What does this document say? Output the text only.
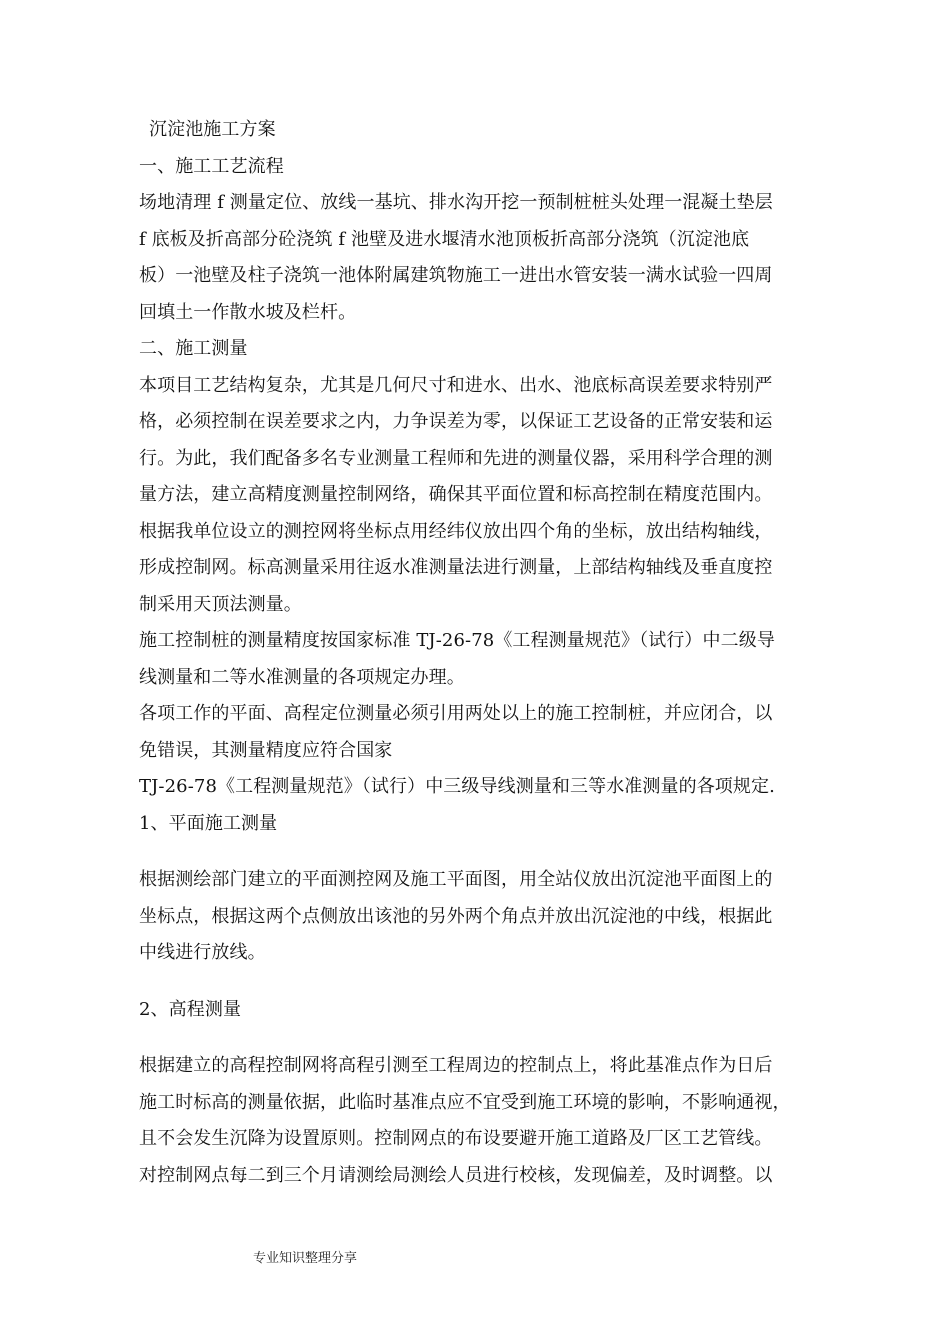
沉淀池施工方案
一、施工工艺流程
场地清理 f 测量定位、放线一基坑、排水沟开挖一预制桩桩头处理一混凝土垫层
f 底板及折高部分砼浇筑 f 池壁及进水堰清水池顶板折高部分浇筑（沉淀池底
板）一池壁及柱子浇筑一池体附属建筑物施工一进出水管安装一满水试验一四周
回填土一作散水坡及栏杆。
二、施工测量
本项目工艺结构复杂，尤其是几何尺寸和进水、出水、池底标高误差要求特别严
格，必须控制在误差要求之内，力争误差为零，以保证工艺设备的正常安装和运
行。为此，我们配备多名专业测量工程师和先进的测量仪器，采用科学合理的测
量方法，建立高精度测量控制网络，确保其平面位置和标高控制在精度范围内。
根据我单位设立的测控网将坐标点用经纬仪放出四个角的坐标，放出结构轴线，
形成控制网。标高测量采用往返水准测量法进行测量，上部结构轴线及垂直度控
制采用天顶法测量。
施工控制桩的测量精度按国家标准 TJ-26-78《工程测量规范》（试行）中二级导
线测量和二等水准测量的各项规定办理。
各项工作的平面、高程定位测量必须引用两处以上的施工控制桩，并应闭合，以
免错误，其测量精度应符合国家
TJ-26-78《工程测量规范》（试行）中三级导线测量和三等水准测量的各项规定.
1、平面施工测量
根据测绘部门建立的平面测控网及施工平面图，用全站仪放出沉淀池平面图上的
坐标点，根据这两个点侧放出该池的另外两个角点并放出沉淀池的中线，根据此
中线进行放线。
2、高程测量
根据建立的高程控制网将高程引测至工程周边的控制点上，将此基准点作为日后
施工时标高的测量依据，此临时基准点应不宜受到施工环境的影响，不影响通视，
且不会发生沉降为设置原则。控制网点的布设要避开施工道路及厂区工艺管线。
对控制网点每二到三个月请测绘局测绘人员进行校核，发现偏差，及时调整。以
专业知识整理分享
